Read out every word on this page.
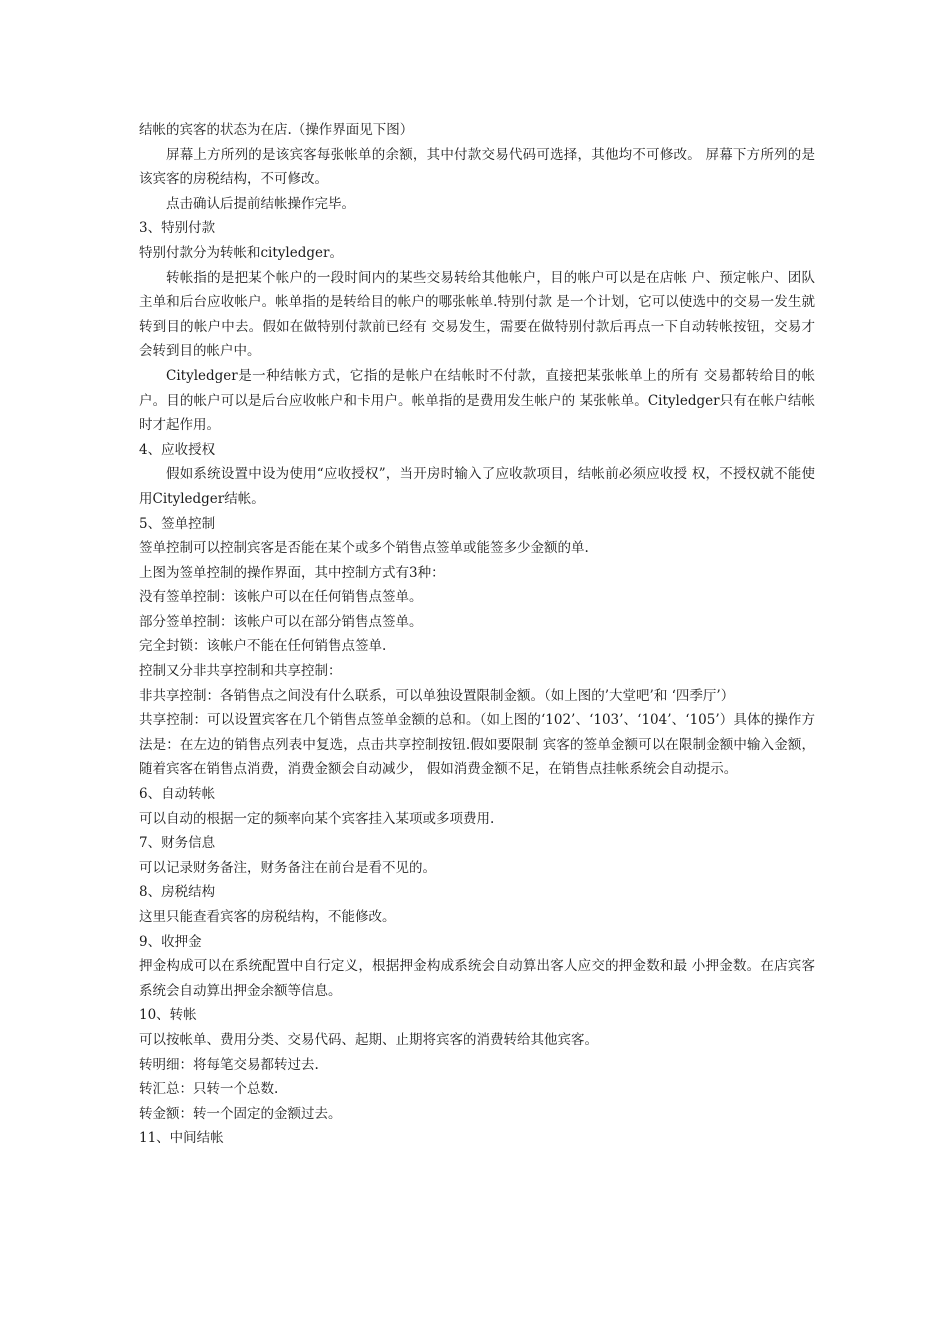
结帐的宾客的状态为在店.（操作界面见下图）

屏幕上方所列的是该宾客每张帐单的余额，其中付款交易代码可选择，其他均不可修改。 屏幕下方所列的是该宾客的房税结构，不可修改。

点击确认后提前结帐操作完毕。

3、特别付款

特别付款分为转帐和cityledger。

转帐指的是把某个帐户的一段时间内的某些交易转给其他帐户，目的帐户可以是在店帐 户、预定帐户、团队主单和后台应收帐户。帐单指的是转给目的帐户的哪张帐单.特别付款 是一个计划，它可以使选中的交易一发生就转到目的帐户中去。假如在做特别付款前已经有 交易发生，需要在做特别付款后再点一下自动转帐按钮，交易才会转到目的帐户中。

Cityledger是一种结帐方式，它指的是帐户在结帐时不付款，直接把某张帐单上的所有 交易都转给目的帐户。目的帐户可以是后台应收帐户和卡用户。帐单指的是费用发生帐户的 某张帐单。Cityledger只有在帐户结帐时才起作用。

4、应收授权

假如系统设置中设为使用“应收授权”，当开房时输入了应收款项目，结帐前必须应收授 权，不授权就不能使用Cityledger结帐。

5、签单控制

签单控制可以控制宾客是否能在某个或多个销售点签单或能签多少金额的单.

上图为签单控制的操作界面，其中控制方式有3种：

没有签单控制：该帐户可以在任何销售点签单。

部分签单控制：该帐户可以在部分销售点签单。

完全封锁：该帐户不能在任何销售点签单.

控制又分非共享控制和共享控制：

非共享控制：各销售点之间没有什么联系，可以单独设置限制金额。（如上图的’大堂吧’和 ‘四季厅’）

共享控制：可以设置宾客在几个销售点签单金额的总和。（如上图的‘102’、‘103’、‘104’、‘105’）具体的操作方法是：在左边的销售点列表中复选，点击共享控制按钮.假如要限制 宾客的签单金额可以在限制金额中输入金额，随着宾客在销售点消费，消费金额会自动减少， 假如消费金额不足，在销售点挂帐系统会自动提示。

6、自动转帐

可以自动的根据一定的频率向某个宾客挂入某项或多项费用.

7、财务信息

可以记录财务备注，财务备注在前台是看不见的。

8、房税结构

这里只能查看宾客的房税结构，不能修改。

9、收押金

押金构成可以在系统配置中自行定义，根据押金构成系统会自动算出客人应交的押金数和最 小押金数。在店宾客系统会自动算出押金余额等信息。

10、转帐

可以按帐单、费用分类、交易代码、起期、止期将宾客的消费转给其他宾客。

转明细：将每笔交易都转过去.

转汇总：只转一个总数.

转金额：转一个固定的金额过去。

11、中间结帐
